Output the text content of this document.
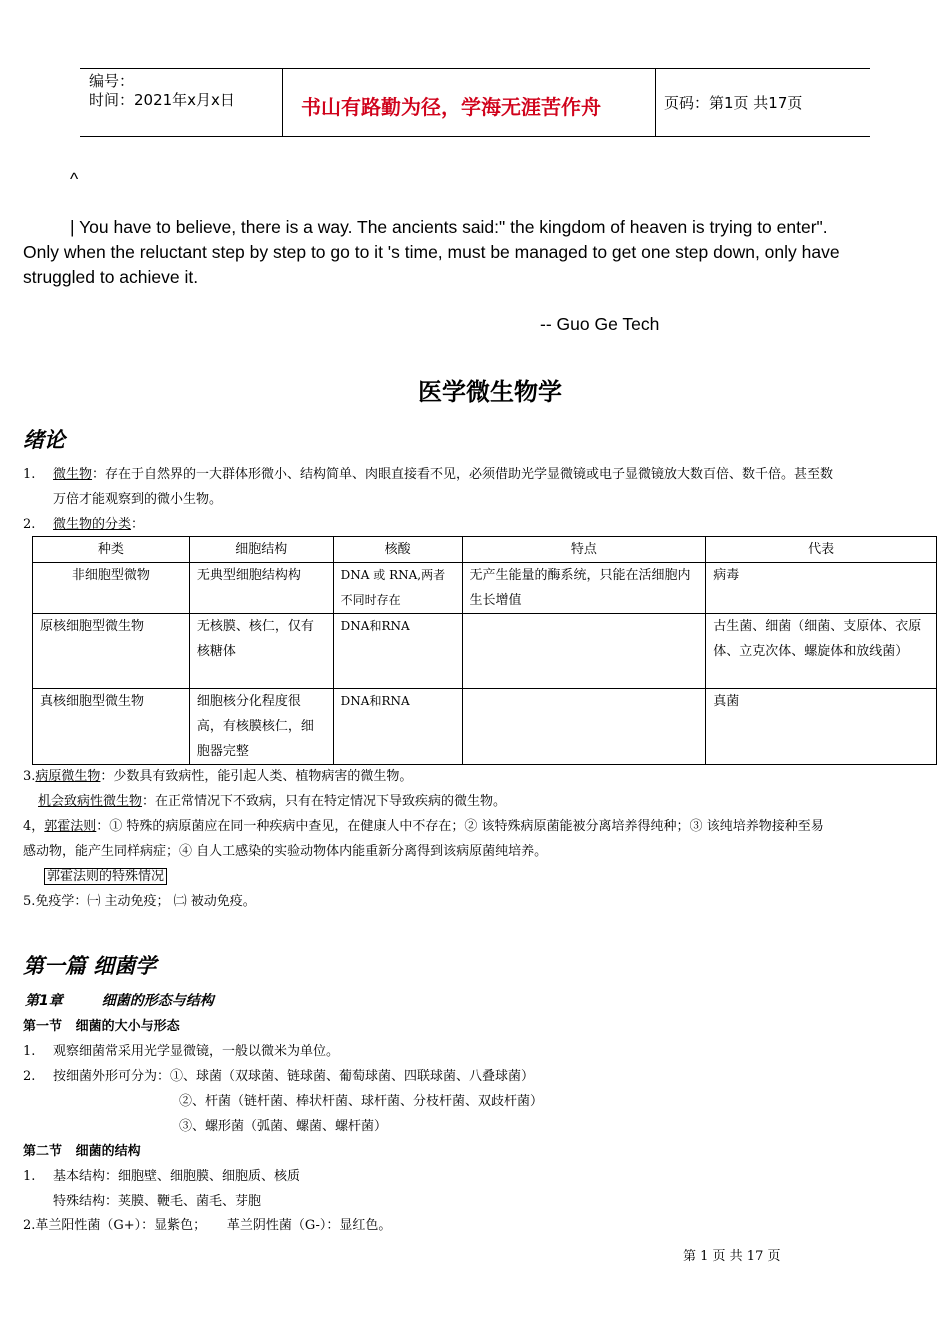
编号：
时间：2021年x月x日	书山有路勤为径，学海无涯苦作舟	页码：第1页 共17页
^
| You have to believe, there is a way. The ancients said:" the kingdom of heaven is trying to enter".
Only when the reluctant step by step to go to it 's time, must be managed to get one step down, only have
struggled to achieve it.
-- Guo Ge Tech
医学微生物学
绪论
1. 微生物：存在于自然界的一大群体形微小、结构简单、肉眼直接看不见，必须借助光学显微镜或电子显微镜放大数百倍、数千倍。甚至数
万倍才能观察到的微小生物。
2. 微生物的分类：
种类	细胞结构	核酸	特点	代表
非细胞型微物	无典型细胞结构构	DNA 或 RNA,两者不同时存在	无产生能量的酶系统，只能在活细胞内生长增值	病毒
原核细胞型微生物	无核膜、核仁，仅有核糖体	DNA和RNA		古生菌、细菌（细菌、支原体、衣原体、立克次体、螺旋体和放线菌）
真核细胞型微生物	细胞核分化程度很高，有核膜核仁，细胞器完整	DNA和RNA		真菌
3.病原微生物：少数具有致病性，能引起人类、植物病害的微生物。
机会致病性微生物：在正常情况下不致病，只有在特定情况下导致疾病的微生物。
4，郭霍法则：① 特殊的病原菌应在同一种疾病中查见，在健康人中不存在；② 该特殊病原菌能被分离培养得纯种；③ 该纯培养物接种至易
感动物，能产生同样病症；④ 自人工感染的实验动物体内能重新分离得到该病原菌纯培养。
郭霍法则的特殊情况
5.免疫学：㈠ 主动免疫； ㈡ 被动免疫。
第一篇 细菌学
第1章        细菌的形态与结构
第一节   细菌的大小与形态
1. 观察细菌常采用光学显微镜，一般以微米为单位。
2. 按细菌外形可分为：①、球菌（双球菌、链球菌、葡萄球菌、四联球菌、八叠球菌）
②、杆菌（链杆菌、棒状杆菌、球杆菌、分枝杆菌、双歧杆菌）
③、螺形菌（弧菌、螺菌、螺杆菌）
第二节   细菌的结构
1. 基本结构：细胞壁、细胞膜、细胞质、核质
特殊结构：荚膜、鞭毛、菌毛、芽胞
2.革兰阳性菌（G+）：显紫色；     革兰阴性菌（G-）：显红色。
第 1 页 共 17 页
